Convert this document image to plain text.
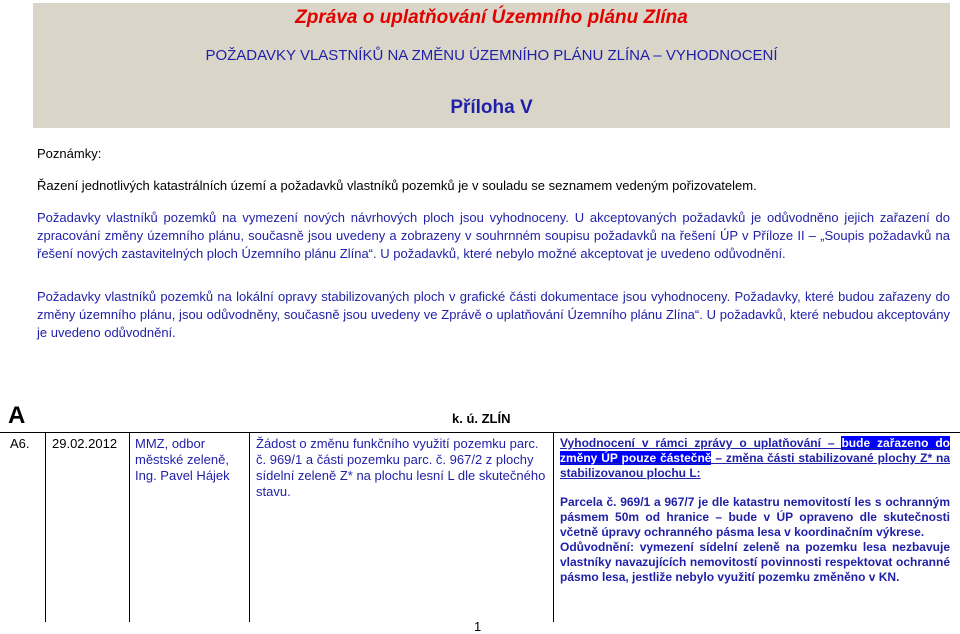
Zpráva o uplatňování Územního plánu Zlína
POŽADAVKY VLASTNÍKŮ NA ZMĚNU ÚZEMNÍHO PLÁNU ZLÍNA – VYHODNOCENÍ
Příloha V
Poznámky:
Řazení jednotlivých katastrálních území a požadavků vlastníků pozemků je v souladu se seznamem vedeným pořizovatelem.
Požadavky vlastníků pozemků na vymezení nových návrhových ploch jsou vyhodnoceny. U akceptovaných požadavků je odůvodněno jejich zařazení do zpracování změny územního plánu, současně jsou uvedeny a zobrazeny v souhrnném soupisu požadavků na řešení ÚP v Příloze II – „Soupis požadavků na řešení nových zastavitelných ploch Územního plánu Zlína“. U požadavků, které nebylo možné akceptovat je uvedeno odůvodnění.
Požadavky vlastníků pozemků na lokální opravy stabilizovaných ploch v grafické části dokumentace jsou vyhodnoceny. Požadavky, které budou zařazeny do změny územního plánu, jsou odůvodněny, současně jsou uvedeny ve Zprávě o uplatňování Územního plánu Zlína“. U požadavků, které nebudou akceptovány je uvedeno odůvodnění.
A	k. ú. ZLÍN
A6. 29.02.2012 MMZ, odbor městské zeleně, Ing. Pavel Hájek
Žádost o změnu funkčního využití pozemku parc. č. 969/1 a části pozemku parc. č. 967/2 z plochy sídelní zeleně Z* na plochu lesní L dle skutečného stavu.
Vyhodnocení v rámci zprávy o uplatňování – bude zařazeno do změny ÚP pouze částečně – změna části stabilizované plochy Z* na stabilizovanou plochu L:
Parcela č. 969/1 a 967/7 je dle katastru nemovitostí les s ochranným pásmem 50m od hranice – bude v ÚP opraveno dle skutečnosti včetně úpravy ochranného pásma lesa v koordinačním výkrese.
Odůvodnění: vymezení sídelní zeleně na pozemku lesa nezbavuje vlastníky navazujících nemovitostí povinnosti respektovat ochranné pásmo lesa, jestliže nebylo využití pozemku změněno v KN.
1
